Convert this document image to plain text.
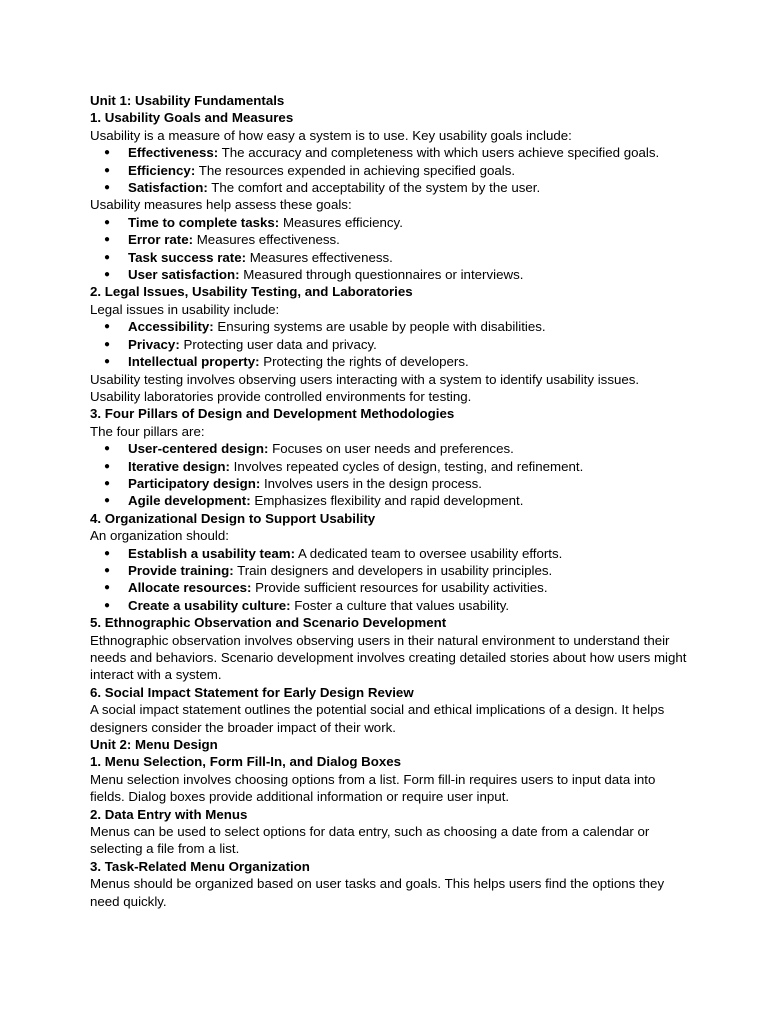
Unit 1: Usability Fundamentals
1. Usability Goals and Measures
Usability is a measure of how easy a system is to use. Key usability goals include:
● Effectiveness: The accuracy and completeness with which users achieve specified goals.
● Efficiency: The resources expended in achieving specified goals.
● Satisfaction: The comfort and acceptability of the system by the user.
Usability measures help assess these goals:
● Time to complete tasks: Measures efficiency.
● Error rate: Measures effectiveness.
● Task success rate: Measures effectiveness.
● User satisfaction: Measured through questionnaires or interviews.
2. Legal Issues, Usability Testing, and Laboratories
Legal issues in usability include:
● Accessibility: Ensuring systems are usable by people with disabilities.
● Privacy: Protecting user data and privacy.
● Intellectual property: Protecting the rights of developers.
Usability testing involves observing users interacting with a system to identify usability issues. Usability laboratories provide controlled environments for testing.
3. Four Pillars of Design and Development Methodologies
The four pillars are:
● User-centered design: Focuses on user needs and preferences.
● Iterative design: Involves repeated cycles of design, testing, and refinement.
● Participatory design: Involves users in the design process.
● Agile development: Emphasizes flexibility and rapid development.
4. Organizational Design to Support Usability
An organization should:
● Establish a usability team: A dedicated team to oversee usability efforts.
● Provide training: Train designers and developers in usability principles.
● Allocate resources: Provide sufficient resources for usability activities.
● Create a usability culture: Foster a culture that values usability.
5. Ethnographic Observation and Scenario Development
Ethnographic observation involves observing users in their natural environment to understand their needs and behaviors. Scenario development involves creating detailed stories about how users might interact with a system.
6. Social Impact Statement for Early Design Review
A social impact statement outlines the potential social and ethical implications of a design. It helps designers consider the broader impact of their work.
Unit 2: Menu Design
1. Menu Selection, Form Fill-In, and Dialog Boxes
Menu selection involves choosing options from a list. Form fill-in requires users to input data into fields. Dialog boxes provide additional information or require user input.
2. Data Entry with Menus
Menus can be used to select options for data entry, such as choosing a date from a calendar or selecting a file from a list.
3. Task-Related Menu Organization
Menus should be organized based on user tasks and goals. This helps users find the options they need quickly.
